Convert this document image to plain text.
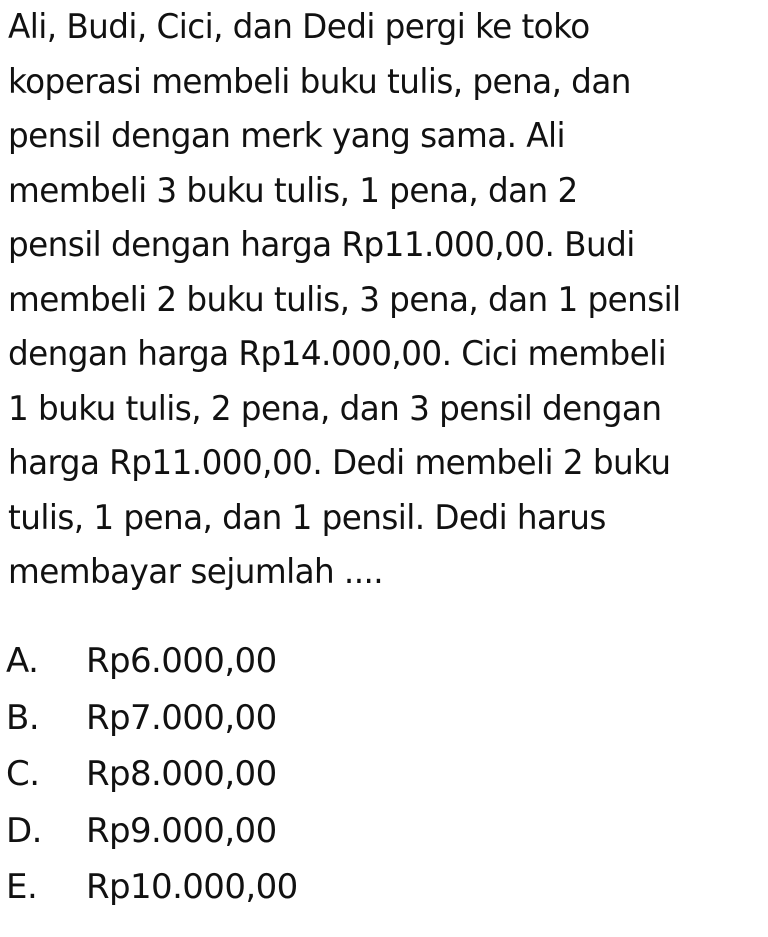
Ali, Budi, Cici, dan Dedi pergi ke toko
koperasi membeli buku tulis, pena, dan
pensil dengan merk yang sama. Ali
membeli 3 buku tulis, 1 pena, dan 2
pensil dengan harga Rp11.000,00. Budi
membeli 2 buku tulis, 3 pena, dan 1 pensil
dengan harga Rp14.000,00. Cici membeli
1 buku tulis, 2 pena, dan 3 pensil dengan
harga Rp11.000,00. Dedi membeli 2 buku
tulis, 1 pena, dan 1 pensil. Dedi harus
membayar sejumlah ....
A. Rp6.000,00
B. Rp7.000,00
C. Rp8.000,00
D. Rp9.000,00
E. Rp10.000,00
